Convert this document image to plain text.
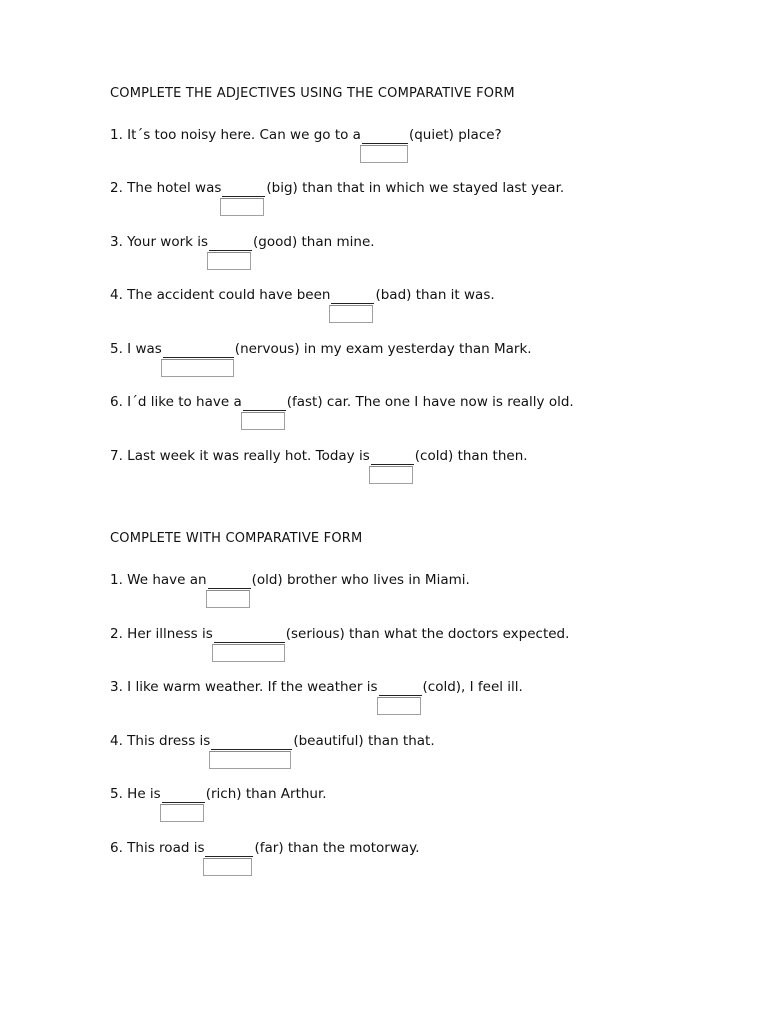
COMPLETE THE ADJECTIVES USING THE COMPARATIVE FORM
1. It´s too noisy here. Can we go to a	(quiet) place?
2. The hotel was	(big) than that in which we stayed last year.
3. Your work is	(good) than mine.
4. The accident could have been	(bad) than it was.
5. I was	(nervous) in my exam yesterday than Mark.
6. I´d like to have a	(fast) car. The one I have now is really old.
7. Last week it was really hot. Today is	(cold) than then.
COMPLETE WITH COMPARATIVE FORM
1. We have an	(old) brother who lives in Miami.
2. Her illness is	(serious) than what the doctors expected.
3. I like warm weather. If the weather is	(cold), I feel ill.
4. This dress is	(beautiful) than that.
5. He is	(rich) than Arthur.
6. This road is	(far) than the motorway.
